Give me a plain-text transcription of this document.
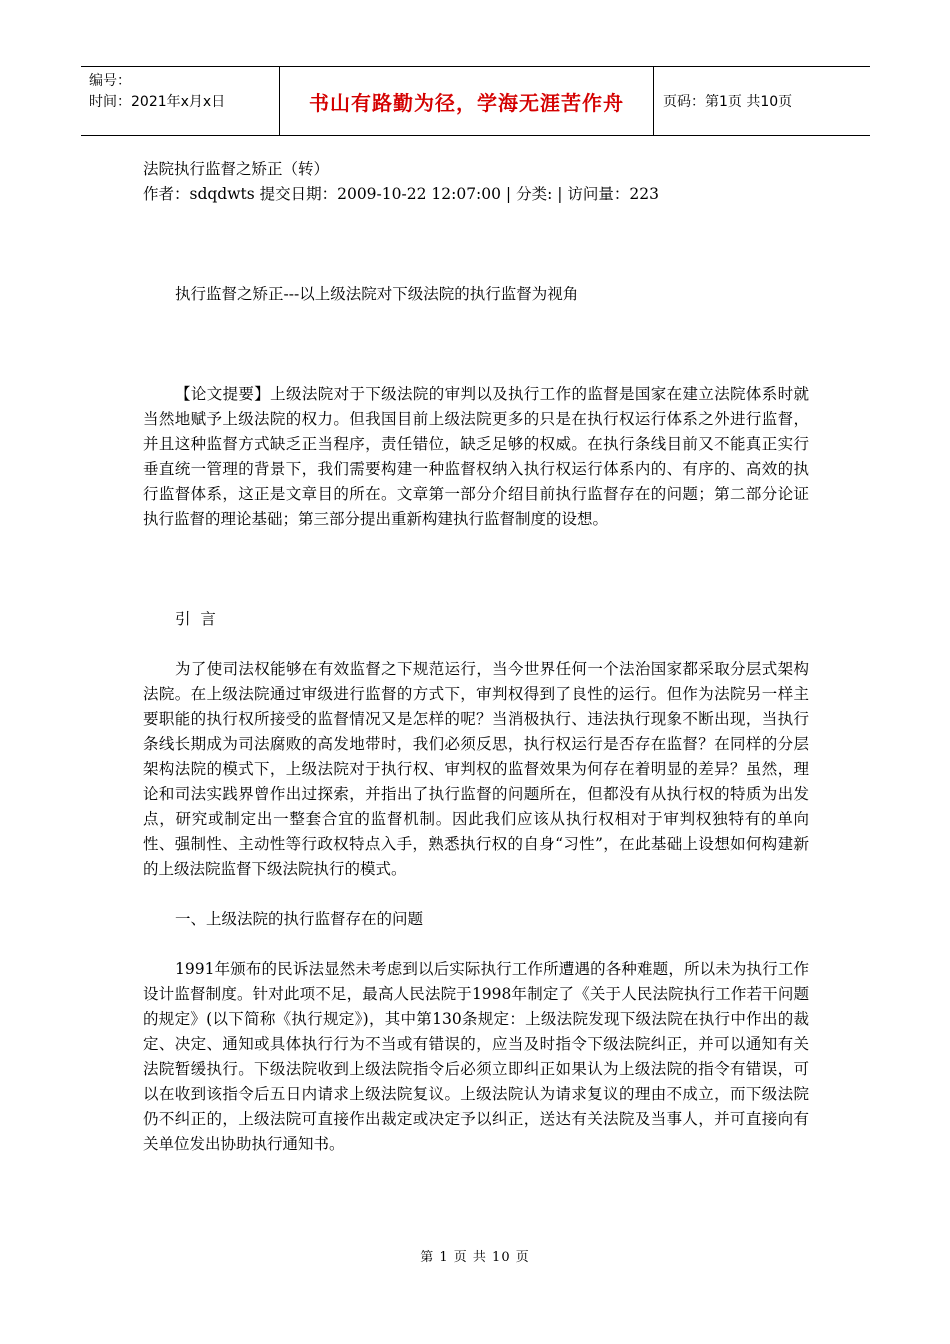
编号：
时间：2021年x月x日	书山有路勤为径，学海无涯苦作舟	页码：第1页 共10页

法院执行监督之矫正（转）

作者：sdqdwts 提交日期：2009-10-22 12:07:00 | 分类: | 访问量：223

执行监督之矫正---以上级法院对下级法院的执行监督为视角

【论文提要】上级法院对于下级法院的审判以及执行工作的监督是国家在建立法院体系时就当然地赋予上级法院的权力。但我国目前上级法院更多的只是在执行权运行体系之外进行监督，并且这种监督方式缺乏正当程序，责任错位，缺乏足够的权威。在执行条线目前又不能真正实行垂直统一管理的背景下，我们需要构建一种监督权纳入执行权运行体系内的、有序的、高效的执行监督体系，这正是文章目的所在。文章第一部分介绍目前执行监督存在的问题；第二部分论证执行监督的理论基础；第三部分提出重新构建执行监督制度的设想。

引  言

为了使司法权能够在有效监督之下规范运行，当今世界任何一个法治国家都采取分层式架构法院。在上级法院通过审级进行监督的方式下，审判权得到了良性的运行。但作为法院另一样主要职能的执行权所接受的监督情况又是怎样的呢？当消极执行、违法执行现象不断出现，当执行条线长期成为司法腐败的高发地带时，我们必须反思，执行权运行是否存在监督？在同样的分层架构法院的模式下，上级法院对于执行权、审判权的监督效果为何存在着明显的差异？虽然，理论和司法实践界曾作出过探索，并指出了执行监督的问题所在，但都没有从执行权的特质为出发点，研究或制定出一整套合宜的监督机制。因此我们应该从执行权相对于审判权独特有的单向性、强制性、主动性等行政权特点入手，熟悉执行权的自身“习性”，在此基础上设想如何构建新的上级法院监督下级法院执行的模式。

一、上级法院的执行监督存在的问题

1991年颁布的民诉法显然未考虑到以后实际执行工作所遭遇的各种难题，所以未为执行工作设计监督制度。针对此项不足，最高人民法院于1998年制定了《关于人民法院执行工作若干问题的规定》(以下简称《执行规定》)，其中第130条规定：上级法院发现下级法院在执行中作出的裁定、决定、通知或具体执行行为不当或有错误的，应当及时指令下级法院纠正，并可以通知有关法院暂缓执行。下级法院收到上级法院指令后必须立即纠正如果认为上级法院的指令有错误，可以在收到该指令后五日内请求上级法院复议。上级法院认为请求复议的理由不成立，而下级法院仍不纠正的，上级法院可直接作出裁定或决定予以纠正，送达有关法院及当事人，并可直接向有关单位发出协助执行通知书。

第 1 页 共 10 页
